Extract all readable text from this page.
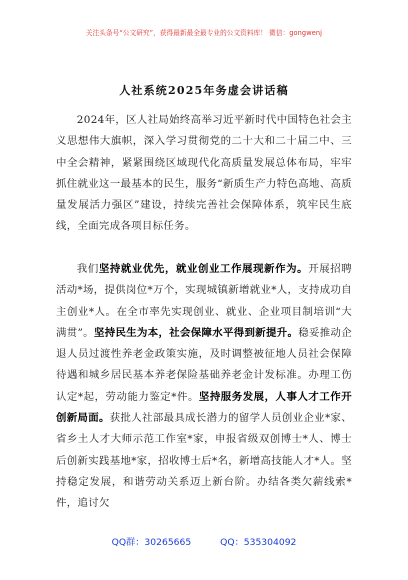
关注头条号“公文研究”，获得最新最全最专业的公文资料库！ 微信：gongwenj
人社系统2025年务虚会讲话稿

2024年，区人社局始终高举习近平新时代中国特色社会主义思想伟大旗帜，深入学习贯彻党的二十大和二十届二中、三中全会精神，紧紧围绕区域现代化高质量发展总体布局，牢牢抓住就业这一最基本的民生，服务“新质生产力特色高地、高质量发展活力强区”建设，持续完善社会保障体系，筑牢民生底线，全面完成各项目标任务。

我们坚持就业优先，就业创业工作展现新作为。开展招聘活动*场，提供岗位*万个，实现城镇新增就业*人，支持成功自主创业*人。在全市率先实现创业、就业、企业项目制培训“大满贯”。坚持民生为本，社会保障水平得到新提升。稳妥推动企退人员过渡性养老金政策实施，及时调整被征地人员社会保障待遇和城乡居民基本养老保险基础养老金计发标准。办理工伤认定*起，劳动能力鉴定*件。坚持服务发展，人事人才工作开创新局面。获批人社部最具成长潜力的留学人员创业企业*家、省乡土人才大师示范工作室*家，申报省级双创博士*人、博士后创新实践基地*家，招收博士后*名，新增高技能人才*人。坚持稳定发展，和谐劳动关系迈上新台阶。办结各类欠薪线索*件，追讨欠

QQ群：30265665	QQ：535304092
